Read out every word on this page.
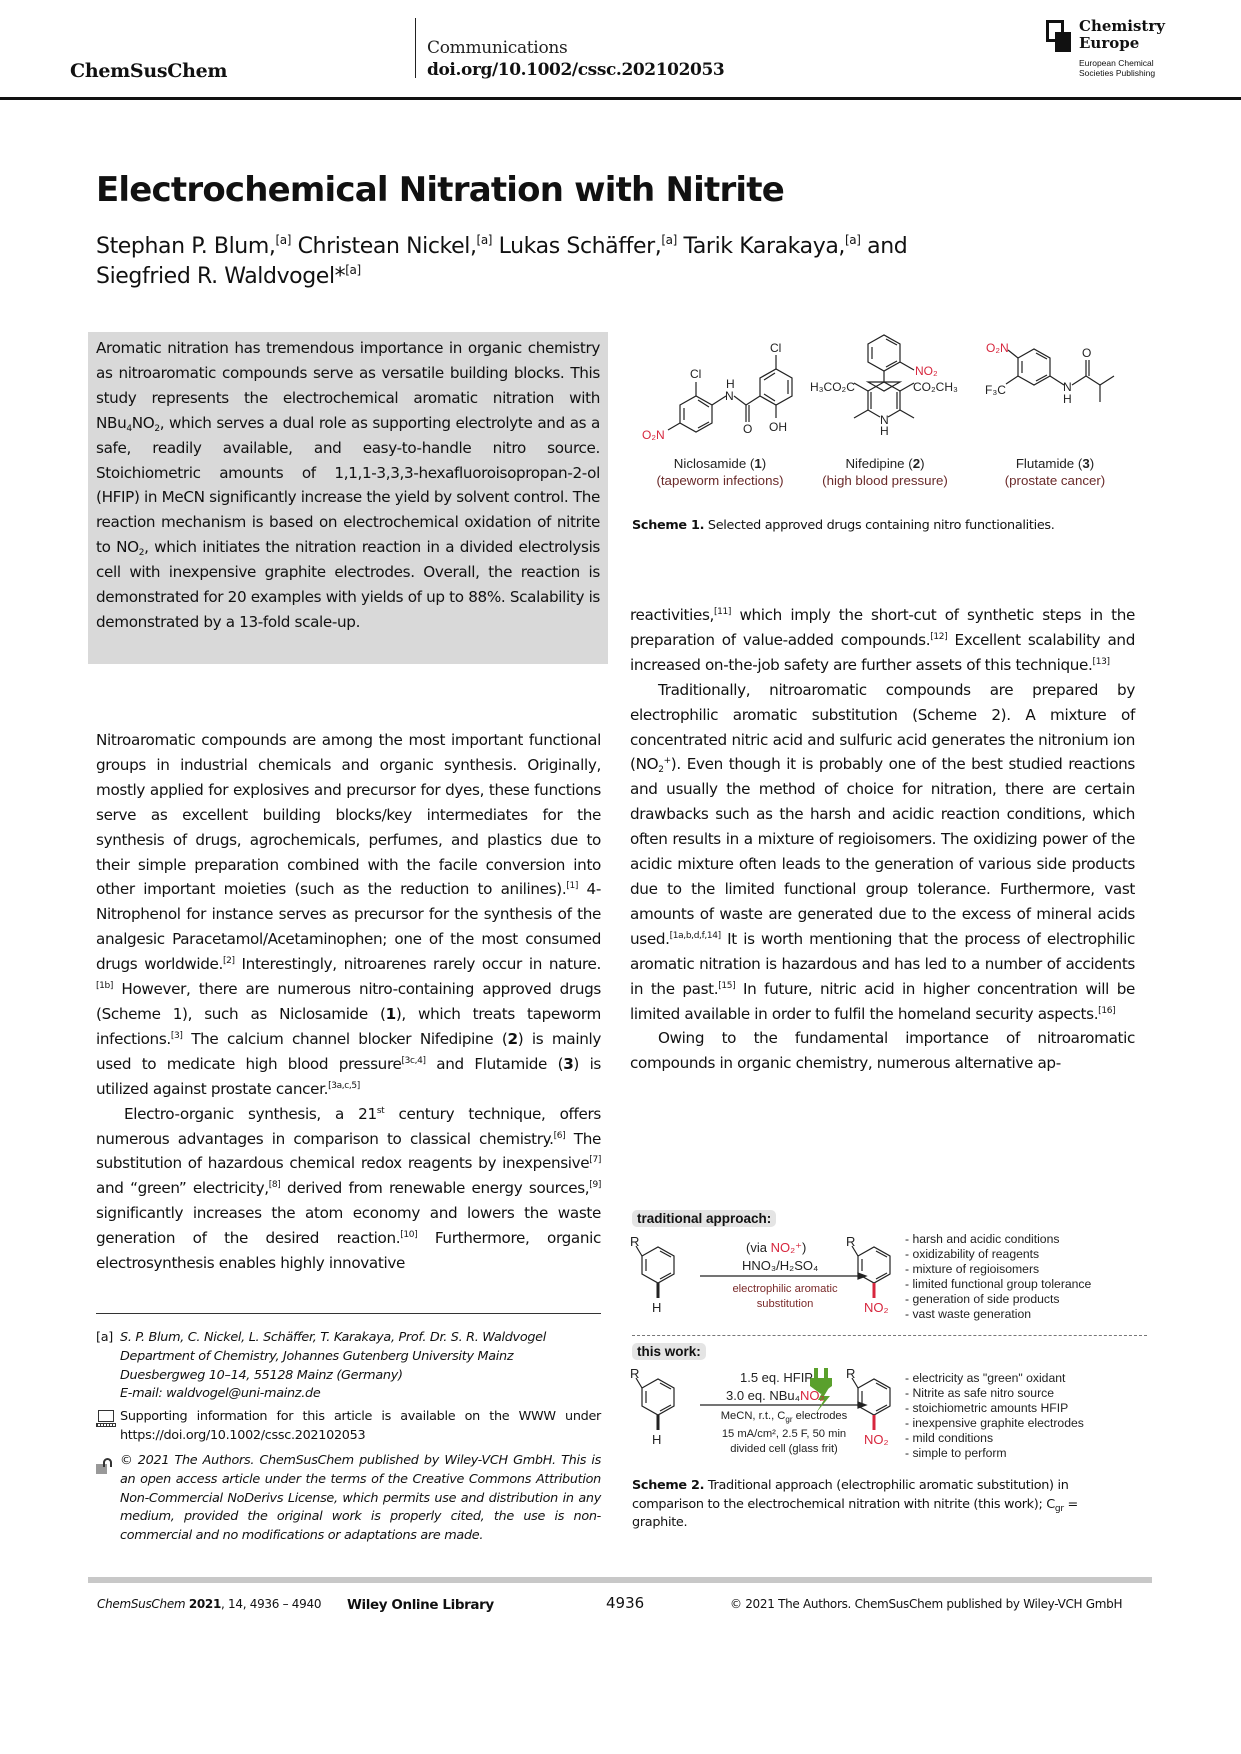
ChemSusChem
Communications
doi.org/10.1002/cssc.202102053
Chemistry
Europe
European Chemical
Societies Publishing
Electrochemical Nitration with Nitrite
Stephan P. Blum,[a] Christean Nickel,[a] Lukas Schäffer,[a] Tarik Karakaya,[a] and
Siegfried R. Waldvogel*[a]
Aromatic nitration has tremendous importance in organic chemistry as nitroaromatic compounds serve as versatile building blocks. This study represents the electrochemical aromatic nitration with $NBu_4NO_2$, which serves a dual role as supporting electrolyte and as a safe, readily available, and easy-to-handle nitro source. Stoichiometric amounts of 1,1,1-3,3,3-hexafluoroisopropan-2-ol (HFIP) in MeCN significantly increase the yield by solvent control. The reaction mechanism is based on electrochemical oxidation of nitrite to $NO_2$, which initiates the nitration reaction in a divided electrolysis cell with inexpensive graphite electrodes. Overall, the reaction is demonstrated for 20 examples with yields of up to 88%. Scalability is demonstrated by a 13-fold scale-up.
Cl
H
N
O
Cl
OH
O₂N
NO₂
H₃CO₂C	CO₂CH₃
N
H
O₂N
F₃C	N
H
O
Niclosamide (1)
(tapeworm infections)
Nifedipine (2)
(high blood pressure)
Flutamide (3)
(prostate cancer)
Scheme 1. Selected approved drugs containing nitro functionalities.

Nitroaromatic compounds are among the most important functional groups in industrial chemicals and organic synthesis. Originally, mostly applied for explosives and precursor for dyes, these functions serve as excellent building blocks/key intermediates for the synthesis of drugs, agrochemicals, perfumes, and plastics due to their simple preparation combined with the facile conversion into other important moieties (such as the reduction to anilines).[1] 4-Nitrophenol for instance serves as precursor for the synthesis of the analgesic Paracetamol/Acetaminophen; one of the most consumed drugs worldwide.[2] Interestingly, nitroarenes rarely occur in nature.[1b] However, there are numerous nitro-containing approved drugs (Scheme 1), such as Niclosamide (1), which treats tapeworm infections.[3] The calcium channel blocker Nifedipine (2) is mainly used to medicate high blood pressure[3c,4] and Flutamide (3) is utilized against prostate cancer.[3a,c,5]

Electro-organic synthesis, a 21st century technique, offers numerous advantages in comparison to classical chemistry.[6] The substitution of hazardous chemical redox reagents by inexpensive[7] and “green” electricity,[8] derived from renewable energy sources,[9] significantly increases the atom economy and lowers the waste generation of the desired reaction.[10] Furthermore, organic electrosynthesis enables highly innovative

reactivities,[11] which imply the short-cut of synthetic steps in the preparation of value-added compounds.[12] Excellent scalability and increased on-the-job safety are further assets of this technique.[13]

Traditionally, nitroaromatic compounds are prepared by electrophilic aromatic substitution (Scheme 2). A mixture of concentrated nitric acid and sulfuric acid generates the nitronium ion $(NO_2^+)$. Even though it is probably one of the best studied reactions and usually the method of choice for nitration, there are certain drawbacks such as the harsh and acidic reaction conditions, which often results in a mixture of regioisomers. The oxidizing power of the acidic mixture often leads to the generation of various side products due to the limited functional group tolerance. Furthermore, vast amounts of waste are generated due to the excess of mineral acids used.[1a,b,d,f,14] It is worth mentioning that the process of electrophilic aromatic nitration is hazardous and has led to a number of accidents in the past.[15] In future, nitric acid in higher concentration will be limited available in order to fulfil the homeland security aspects.[16]

Owing to the fundamental importance of nitroaromatic compounds in organic chemistry, numerous alternative ap-

traditional approach:
R
H
(via NO₂⁺)
HNO₃/H₂SO₄
electrophilic aromatic
substitution
R
NO₂
- harsh and acidic conditions
- oxidizability of reagents
- mixture of regioisomers
- limited functional group tolerance
- generation of side products
- vast waste generation
this work:
R
H
1.5 eq. HFIP
3.0 eq. NBu₄NO₂
MeCN, r.t., $C_{gr}$ electrodes
15 mA/cm², 2.5 F, 50 min
divided cell (glass frit)
R
NO₂
- electricity as "green" oxidant
- Nitrite as safe nitro source
- stoichiometric amounts HFIP
- inexpensive graphite electrodes
- mild conditions
- simple to perform
Scheme 2. Traditional approach (electrophilic aromatic substitution) in comparison to the electrochemical nitration with nitrite (this work); $C_{gr}$ = graphite.
[a] S. P. Blum, C. Nickel, L. Schäffer, T. Karakaya, Prof. Dr. S. R. Waldvogel
Department of Chemistry, Johannes Gutenberg University Mainz
Duesbergweg 10–14, 55128 Mainz (Germany)
E-mail: waldvogel@uni-mainz.de
Supporting information for this article is available on the WWW under https://doi.org/10.1002/cssc.202102053
© 2021 The Authors. ChemSusChem published by Wiley-VCH GmbH. This is an open access article under the terms of the Creative Commons Attribution Non-Commercial NoDerivs License, which permits use and distribution in any medium, provided the original work is properly cited, the use is non-commercial and no modifications or adaptations are made.
ChemSusChem 2021, 14, 4936 – 4940 Wiley Online Library	4936	© 2021 The Authors. ChemSusChem published by Wiley-VCH GmbH
